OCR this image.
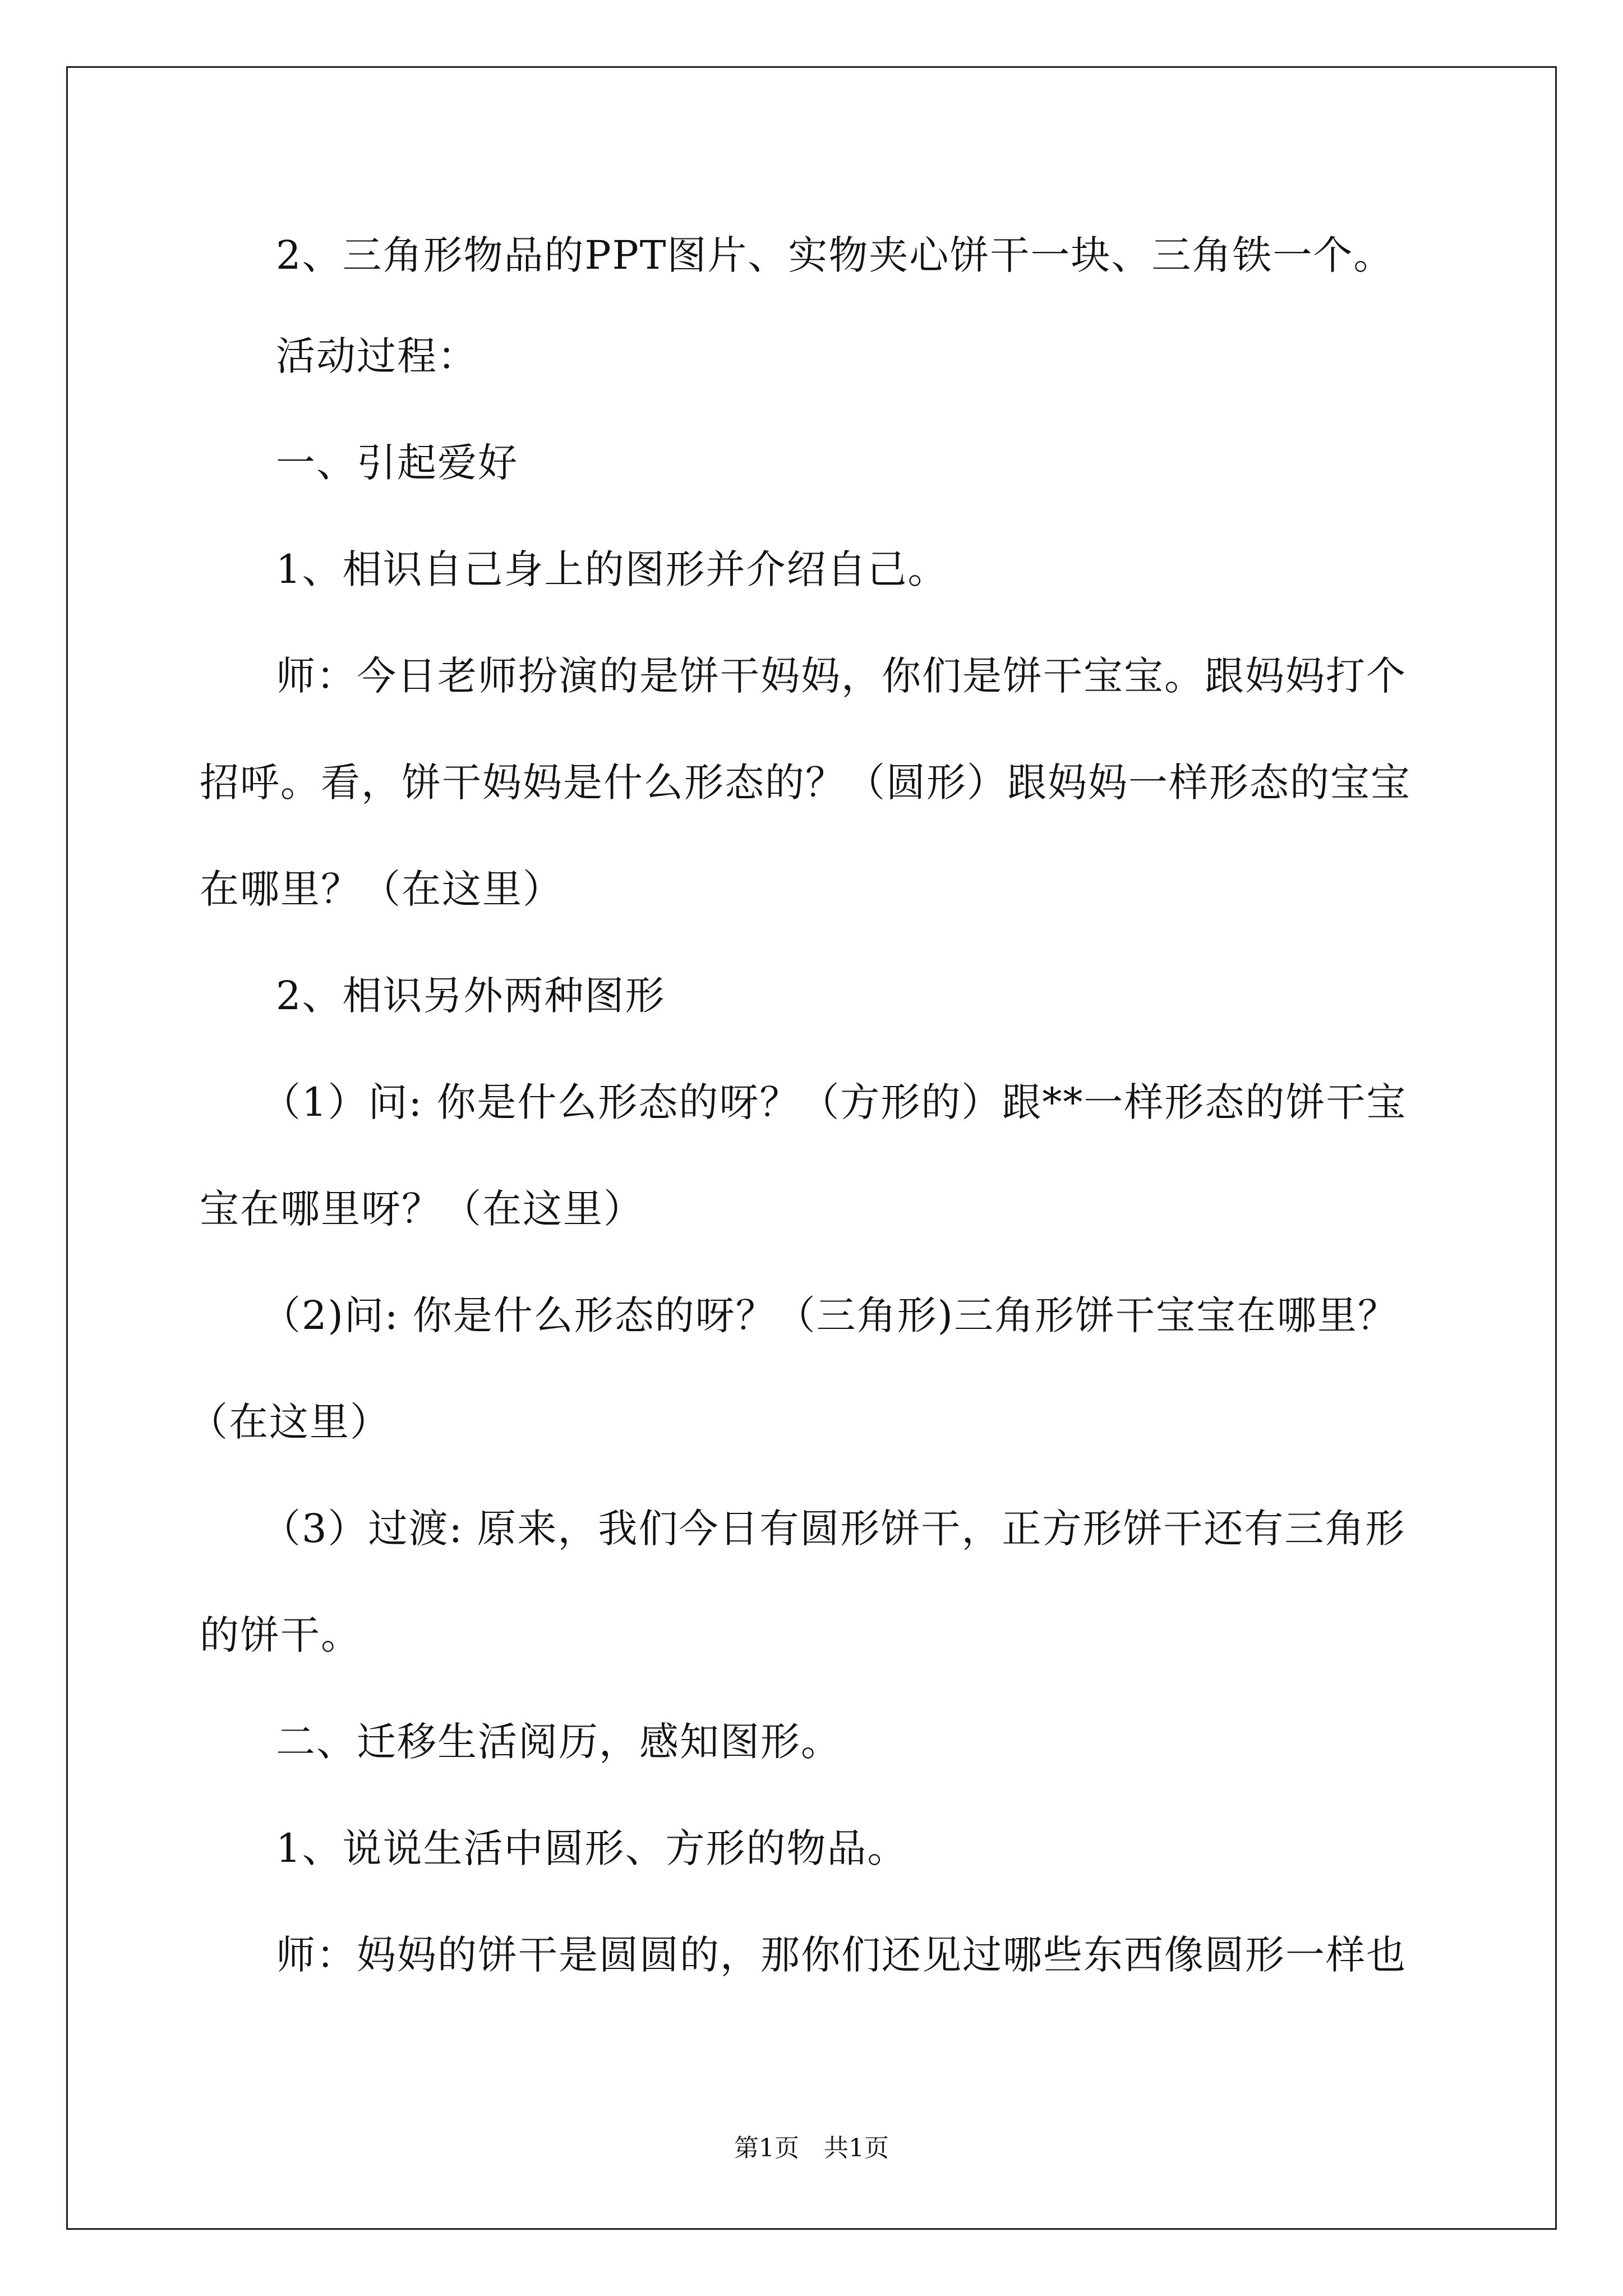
2、三角形物品的PPT图片、实物夹心饼干一块、三角铁一个。
活动过程：
一、引起爱好
1、相识自己身上的图形并介绍自己。
师：今日老师扮演的是饼干妈妈，你们是饼干宝宝。跟妈妈打个
招呼。看，饼干妈妈是什么形态的？（圆形）跟妈妈一样形态的宝宝
在哪里？（在这里）
2、相识另外两种图形
（1）问: 你是什么形态的呀？（方形的）跟**一样形态的饼干宝
宝在哪里呀？（在这里）
（2)问: 你是什么形态的呀？（三角形)三角形饼干宝宝在哪里？
（在这里）
（3）过渡: 原来，我们今日有圆形饼干，正方形饼干还有三角形
的饼干。
二、迁移生活阅历，感知图形。
1、说说生活中圆形、方形的物品。
师：妈妈的饼干是圆圆的，那你们还见过哪些东西像圆形一样也
第1页　共1页
